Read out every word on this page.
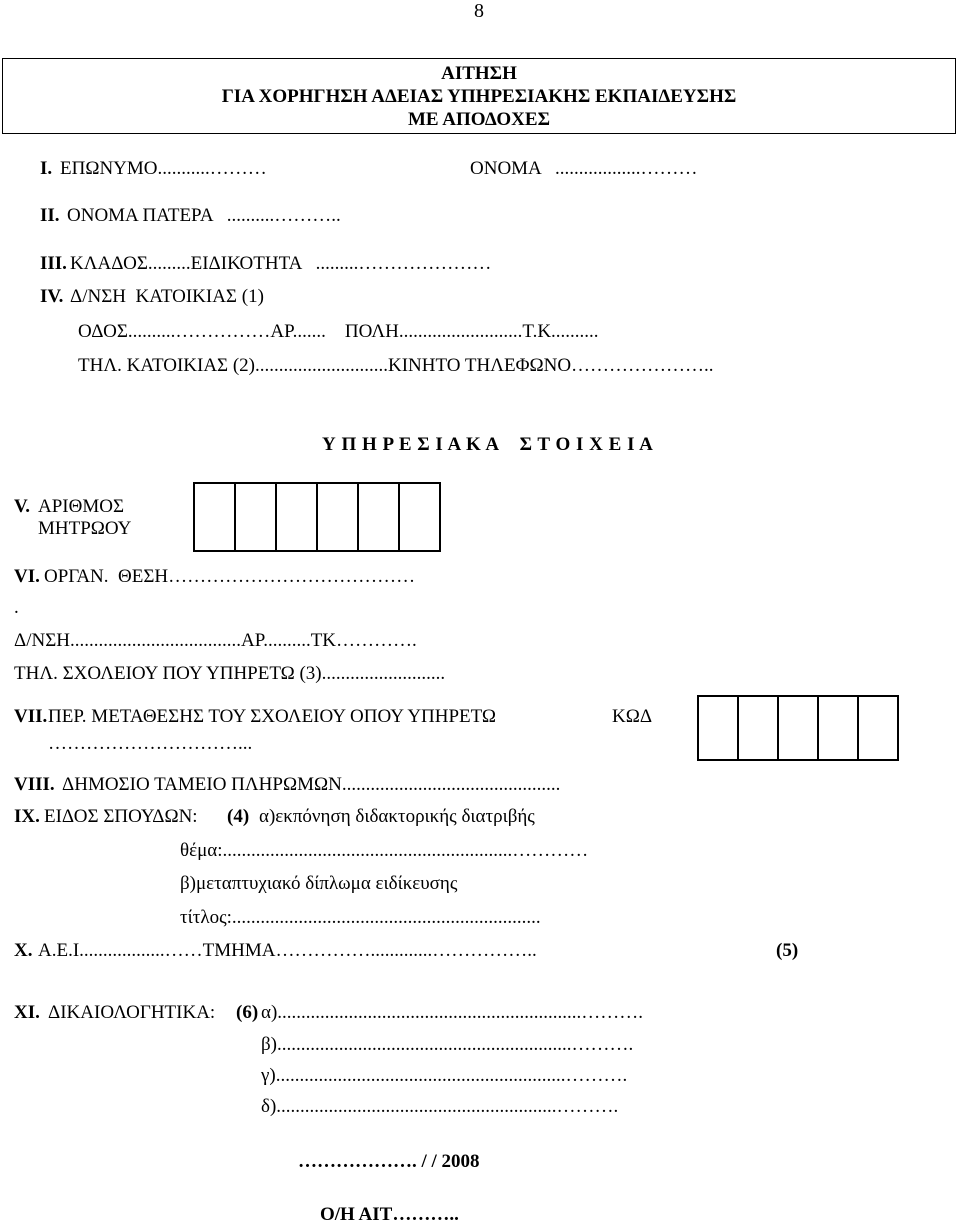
8
ΑΙΤΗΣΗ
ΓΙΑ ΧΟΡΗΓΗΣΗ ΑΔΕΙΑΣ ΥΠΗΡΕΣΙΑΚΗΣ ΕΚΠΑΙΔΕΥΣΗΣ
ΜΕ ΑΠΟΔΟΧΕΣ
Ι. ΕΠΩΝΥΜΟ...........………	ΟΝΟΜΑ   ..................………
ΙΙ. ΟΝΟΜΑ ΠΑΤΕΡΑ   ..........………..
ΙΙΙ. ΚΛΑΔΟΣ.........ΕΙΔΙΚΟΤΗΤΑ   .........…………………
ΙV. Δ/ΝΣΗ  ΚΑΤΟΙΚΙΑΣ (1)
ΟΔΟΣ..........……………ΑΡ.......    ΠΟΛΗ..........................Τ.Κ..........
ΤΗΛ. ΚΑΤΟΙΚΙΑΣ (2)............................ΚΙΝΗΤΟ ΤΗΛΕΦΩΝΟ…………………..
Υ Π Η Ρ Ε Σ Ι Α Κ Α    Σ Τ Ο Ι Χ Ε Ι Α
V. ΑΡΙΘΜΟΣ
ΜΗΤΡΩΟΥ
VI. ΟΡΓΑΝ.  ΘΕΣΗ…………………………………
.
Δ/ΝΣΗ....................................ΑΡ..........ΤΚ………….
ΤΗΛ. ΣΧΟΛΕΙΟΥ ΠΟΥ ΥΠΗΡΕΤΩ (3)..........................
VII. ΠΕΡ. ΜΕΤΑΘΕΣΗΣ ΤΟΥ ΣΧΟΛΕΙΟΥ ΟΠΟΥ ΥΠΗΡΕΤΩ	ΚΩΔ
…………………………...
VIII. ΔΗΜΟΣΙΟ ΤΑΜΕΙΟ ΠΛΗΡΩΜΩΝ..............................................
ΙΧ. ΕΙΔΟΣ ΣΠΟΥΔΩΝ: (4) α)εκπόνηση διδακτορικής διατριβής
θέμα:.............................................................…………
β)μεταπτυχιακό δίπλωμα ειδίκευσης
τίτλος:.................................................................
Χ. Α.Ε.Ι..................……ΤΜΗΜΑ…………….............……………..	(5)
ΧΙ. ΔΙΚΑΙΟΛΟΓΗΤΙΚΑ: (6) α)................................................................……….
β)..............................................................……….
γ).............................................................……….
δ)...........................................................……….
………………. / / 2008
Ο/Η ΑΙΤ………..
